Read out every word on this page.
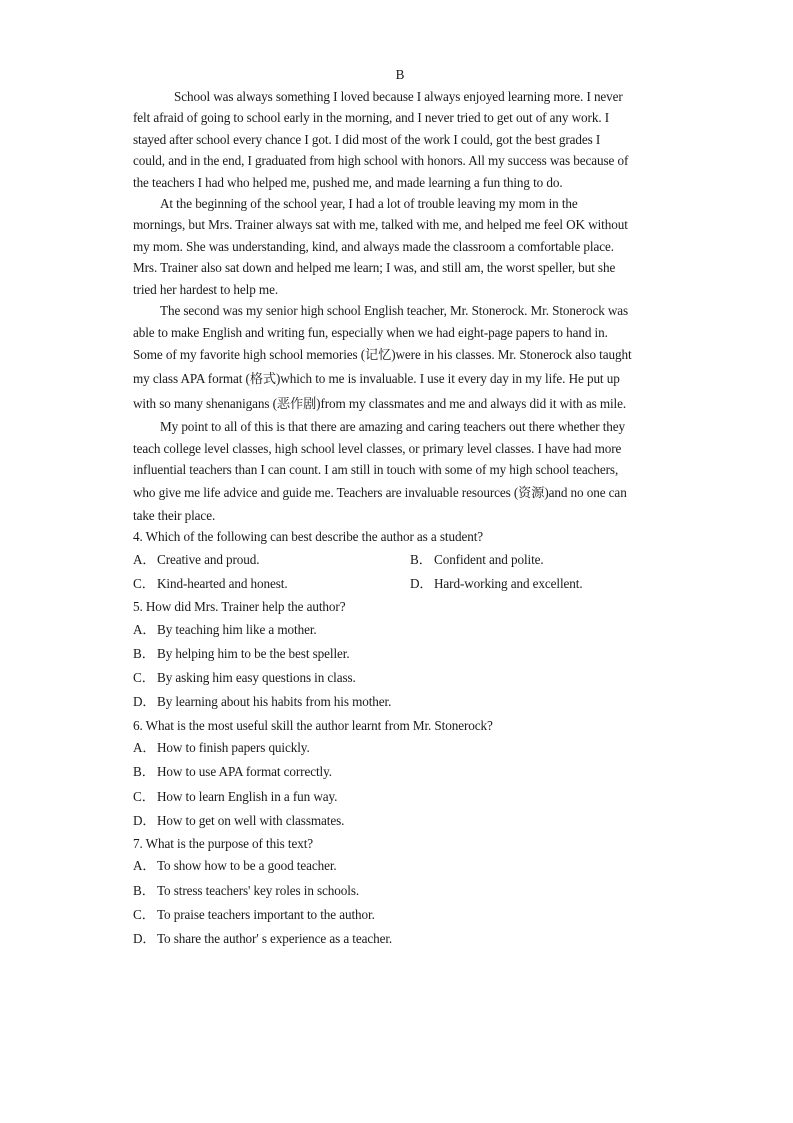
B
School was always something I loved because I always enjoyed learning more. I never
felt afraid of going to school early in the morning, and I never tried to get out of any work. I
stayed after school every chance I got. I did most of the work I could, got the best grades I
could, and in the end, I graduated from high school with honors. All my success was because of
the teachers I had who helped me, pushed me, and made learning a fun thing to do.
At the beginning of the school year, I had a lot of trouble leaving my mom in the
mornings, but Mrs. Trainer always sat with me, talked with me, and helped me feel OK without
my mom. She was understanding, kind, and always made the classroom a comfortable place.
Mrs. Trainer also sat down and helped me learn; I was, and still am, the worst speller, but she
tried her hardest to help me.
The second was my senior high school English teacher, Mr. Stonerock. Mr. Stonerock was
able to make English and writing fun, especially when we had eight-page papers to hand in.
Some of my favorite high school memories (记忆)were in his classes. Mr. Stonerock also taught
my class APA format (格式)which to me is invaluable. I use it every day in my life. He put up
with so many shenanigans (恶作剧)from my classmates and me and always did it with as mile.
My point to all of this is that there are amazing and caring teachers out there whether they
teach college level classes, high school level classes, or primary level classes. I have had more
influential teachers than I can count. I am still in touch with some of my high school teachers,
who give me life advice and guide me. Teachers are invaluable resources (资源)and no one can
take their place.
4. Which of the following can best describe the author as a student?
A．Creative and proud.	B． Confident and polite.
C． Kind-hearted and honest.	D．Hard-working and excellent.
5. How did Mrs. Trainer help the author?
A．By teaching him like a mother.
B． By helping him to be the best speller.
C． By asking him easy questions in class.
D．By learning about his habits from his mother.
6. What is the most useful skill the author learnt from Mr. Stonerock?
A．How to finish papers quickly.
B． How to use APA format correctly.
C． How to learn English in a fun way.
D．How to get on well with classmates.
7. What is the purpose of this text?
A．To show how to be a good teacher.
B． To stress teachers' key roles in schools.
C． To praise teachers important to the author.
D．To share the author' s experience as a teacher.
